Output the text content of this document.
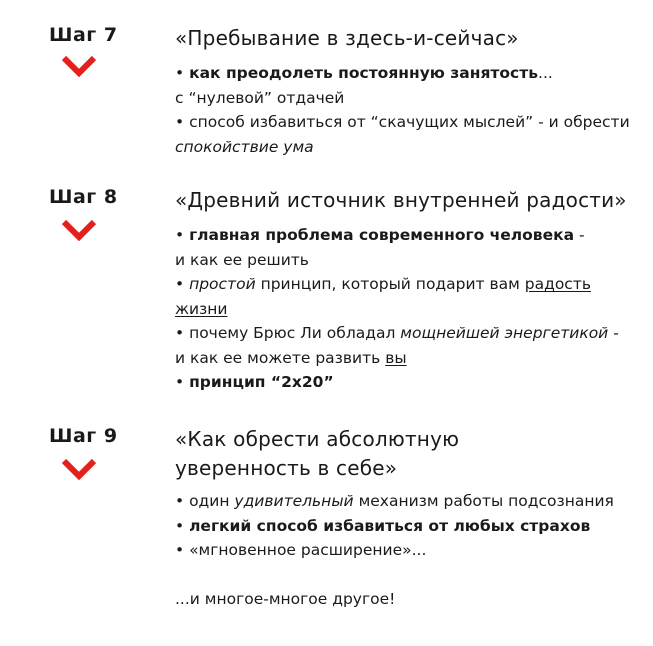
Шаг 7	«Пребывание в здесь-и-сейчас»
• как преодолеть постоянную занятость...
с “нулевой” отдачей
• способ избавиться от “скачущих мыслей” - и обрести
спокойствие ума
Шаг 8	«Древний источник внутренней радости»
• главная проблема современного человека -
и как ее решить
• простой принцип, который подарит вам радость
жизни
• почему Брюс Ли обладал мощнейшей энергетикой -
и как ее можете развить вы
• принцип “2х20”
Шаг 9	«Как обрести абсолютную уверенность в себе»
• один удивительный механизм работы подсознания
• легкий способ избавиться от любых страхов
• «мгновенное расширение»...

...и многое-многое другое!
